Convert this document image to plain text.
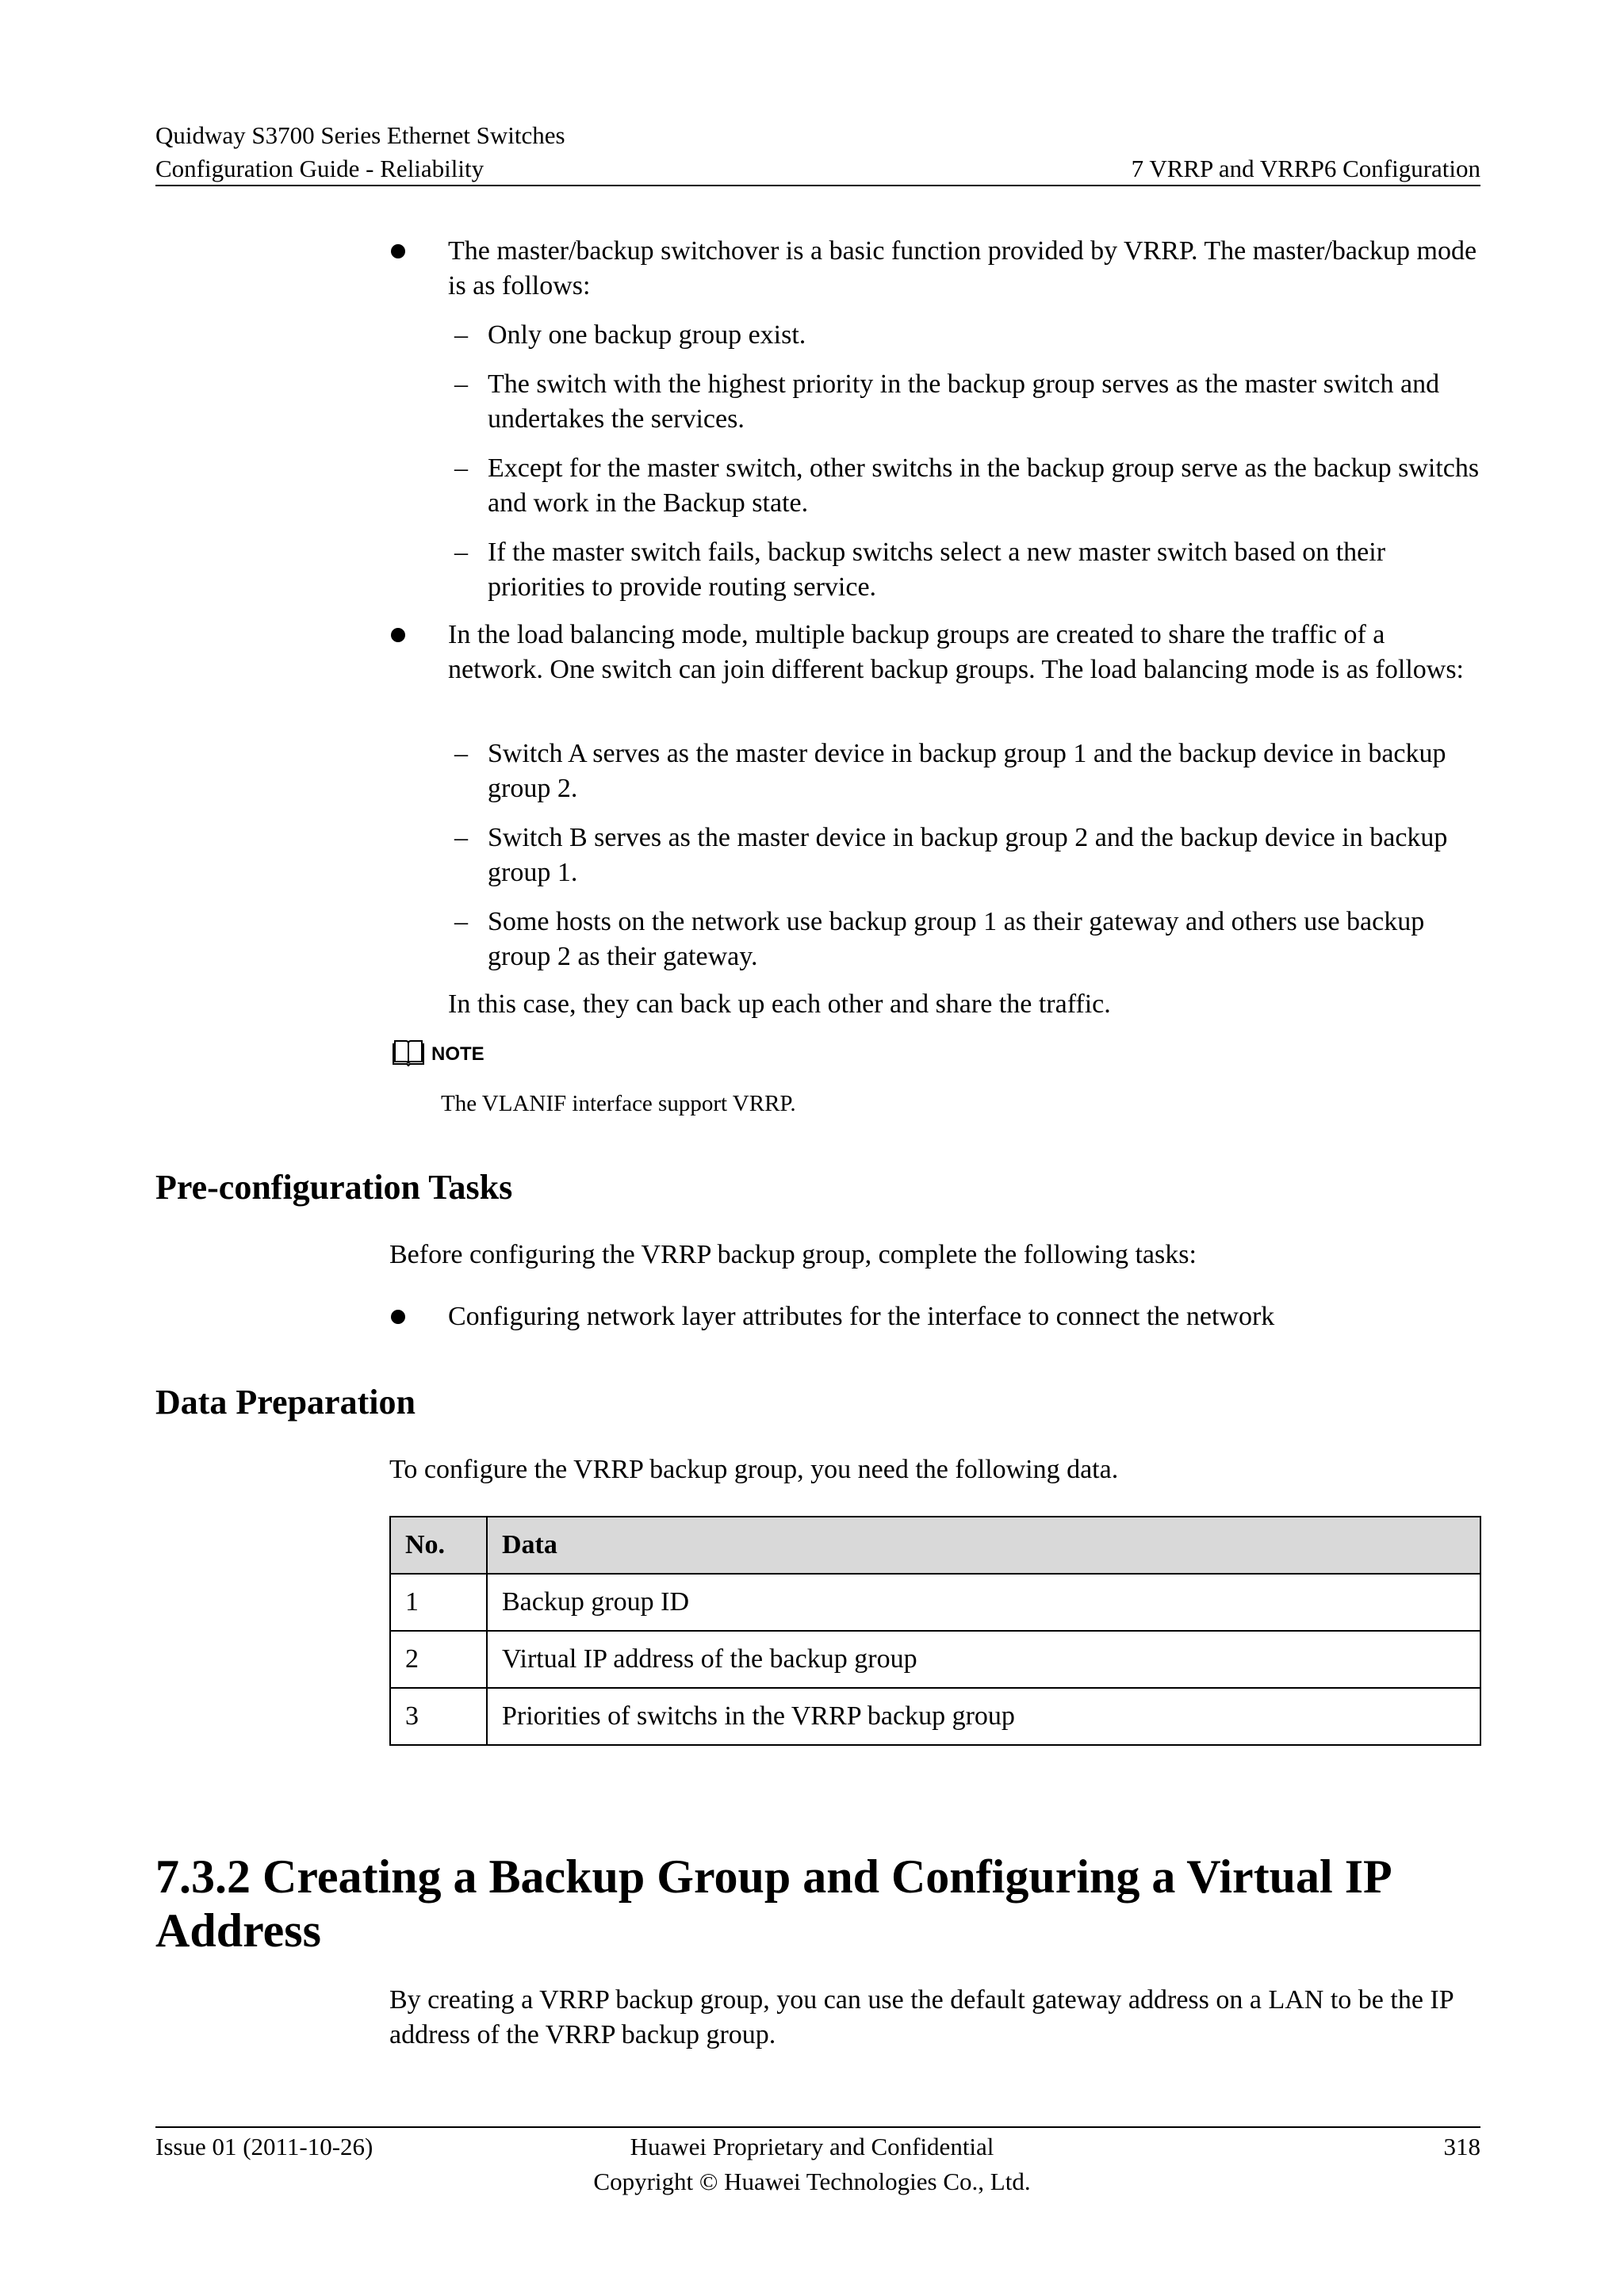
Quidway S3700 Series Ethernet Switches
Configuration Guide - Reliability	7 VRRP and VRRP6 Configuration
The master/backup switchover is a basic function provided by VRRP. The master/backup mode is as follows:
– Only one backup group exist.
– The switch with the highest priority in the backup group serves as the master switch and undertakes the services.
– Except for the master switch, other switchs in the backup group serve as the backup switchs and work in the Backup state.
– If the master switch fails, backup switchs select a new master switch based on their priorities to provide routing service.
In the load balancing mode, multiple backup groups are created to share the traffic of a network. One switch can join different backup groups. The load balancing mode is as follows:
– Switch A serves as the master device in backup group 1 and the backup device in backup group 2.
– Switch B serves as the master device in backup group 2 and the backup device in backup group 1.
– Some hosts on the network use backup group 1 as their gateway and others use backup group 2 as their gateway.
In this case, they can back up each other and share the traffic.
NOTE
The VLANIF interface support VRRP.
Pre-configuration Tasks
Before configuring the VRRP backup group, complete the following tasks:
Configuring network layer attributes for the interface to connect the network
Data Preparation
To configure the VRRP backup group, you need the following data.
No.	Data
1	Backup group ID
2	Virtual IP address of the backup group
3	Priorities of switchs in the VRRP backup group
7.3.2 Creating a Backup Group and Configuring a Virtual IP
Address
By creating a VRRP backup group, you can use the default gateway address on a LAN to be the IP address of the VRRP backup group.
Issue 01 (2011-10-26)	Huawei Proprietary and Confidential
Copyright © Huawei Technologies Co., Ltd.
318
